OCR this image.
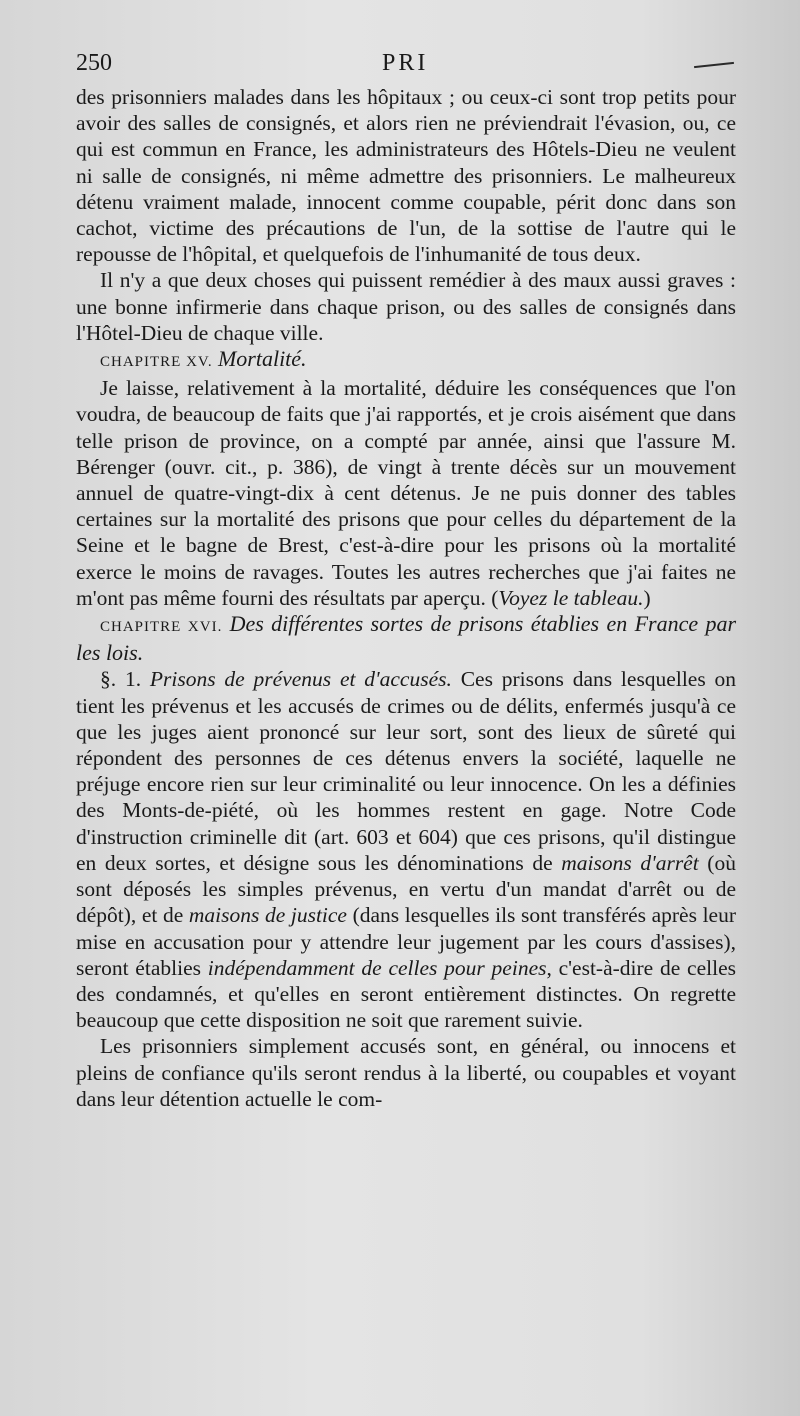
250	PRI

des prisonniers malades dans les hôpitaux ; ou ceux-ci sont trop petits pour avoir des salles de consignés, et alors rien ne préviendrait l'évasion, ou, ce qui est commun en France, les administrateurs des Hôtels-Dieu ne veulent ni salle de consignés, ni même admettre des prisonniers. Le malheureux détenu vraiment malade, innocent comme coupable, périt donc dans son cachot, victime des précautions de l'un, de la sottise de l'autre qui le repousse de l'hôpital, et quelquefois de l'inhumanité de tous deux.

Il n'y a que deux choses qui puissent remédier à des maux aussi graves : une bonne infirmerie dans chaque prison, ou des salles de consignés dans l'Hôtel-Dieu de chaque ville.

CHAPITRE XV. Mortalité.

Je laisse, relativement à la mortalité, déduire les conséquences que l'on voudra, de beaucoup de faits que j'ai rapportés, et je crois aisément que dans telle prison de province, on a compté par année, ainsi que l'assure M. Bérenger (ouvr. cit., p. 386), de vingt à trente décès sur un mouvement annuel de quatre-vingt-dix à cent détenus. Je ne puis donner des tables certaines sur la mortalité des prisons que pour celles du département de la Seine et le bagne de Brest, c'est-à-dire pour les prisons où la mortalité exerce le moins de ravages. Toutes les autres recherches que j'ai faites ne m'ont pas même fourni des résultats par aperçu. (Voyez le tableau.)

CHAPITRE XVI. Des différentes sortes de prisons établies en France par les lois.

§. 1. Prisons de prévenus et d'accusés. Ces prisons dans lesquelles on tient les prévenus et les accusés de crimes ou de délits, enfermés jusqu'à ce que les juges aient prononcé sur leur sort, sont des lieux de sûreté qui répondent des personnes de ces détenus envers la société, laquelle ne préjuge encore rien sur leur criminalité ou leur innocence. On les a définies des Monts-de-piété, où les hommes restent en gage. Notre Code d'instruction criminelle dit (art. 603 et 604) que ces prisons, qu'il distingue en deux sortes, et désigne sous les dénominations de maisons d'arrêt (où sont déposés les simples prévenus, en vertu d'un mandat d'arrêt ou de dépôt), et de maisons de justice (dans lesquelles ils sont transférés après leur mise en accusation pour y attendre leur jugement par les cours d'assises), seront établies indépendamment de celles pour peines, c'est-à-dire de celles des condamnés, et qu'elles en seront entièrement distinctes. On regrette beaucoup que cette disposition ne soit que rarement suivie.

Les prisonniers simplement accusés sont, en général, ou innocens et pleins de confiance qu'ils seront rendus à la liberté, ou coupables et voyant dans leur détention actuelle le com-
